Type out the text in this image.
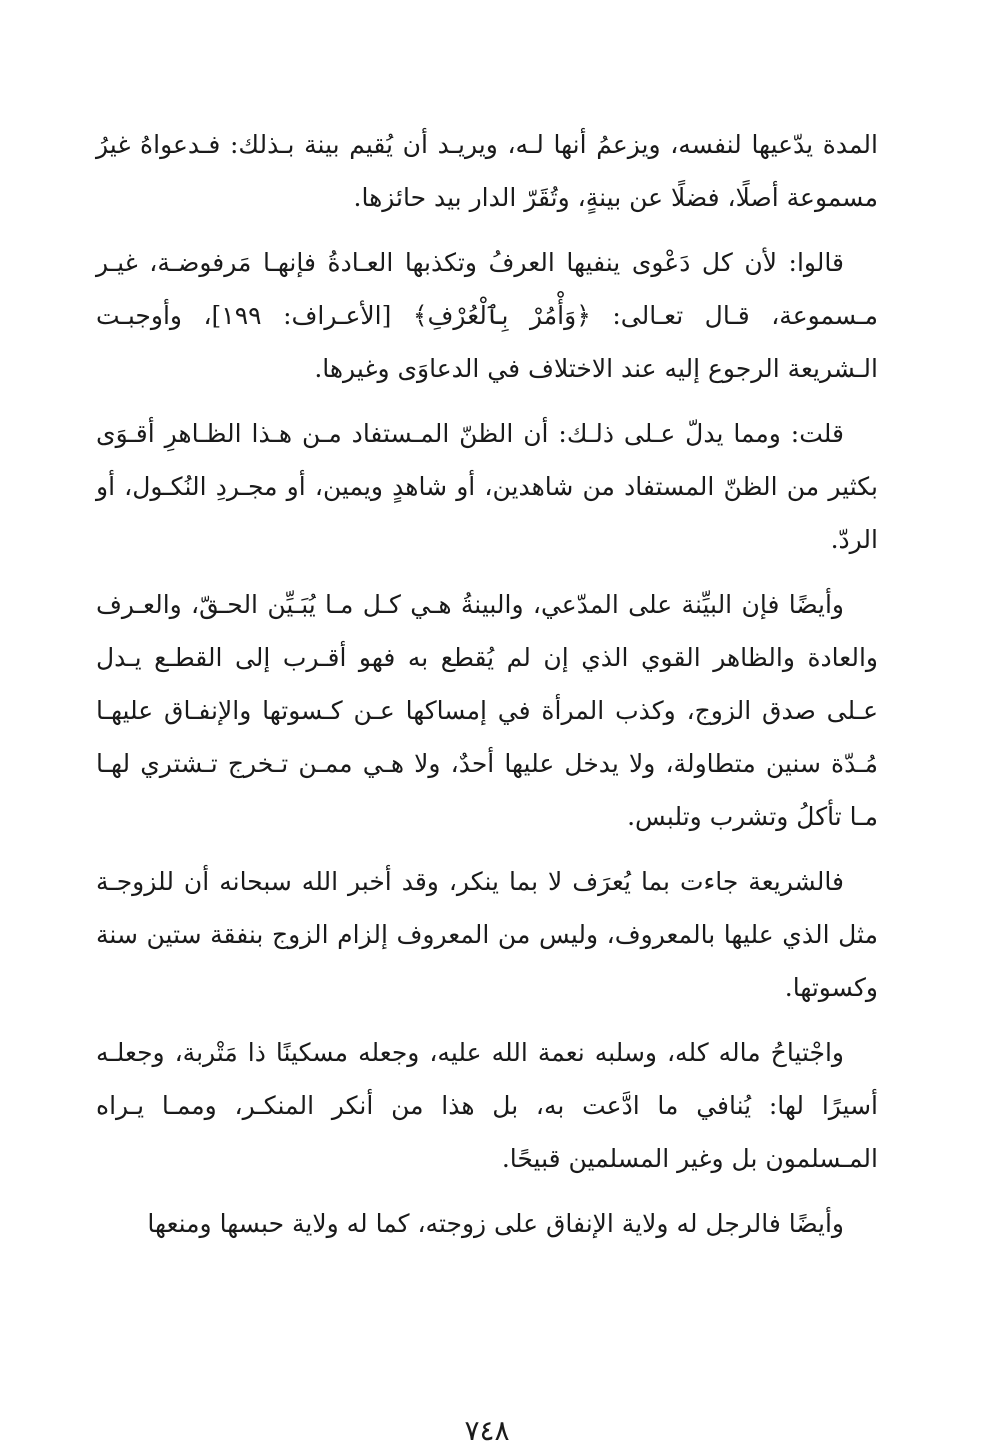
المدة يدّعيها لنفسه، ويزعمُ أنها لـه، ويريـد أن يُقيم بينة بـذلك: فـدعواهُ غيرُ مسموعة أصلًا، فضلًا عن بينةٍ، وتُقَرّ الدار بيد حائزها.

قالوا: لأن كل دَعْوى ينفيها العرفُ وتكذبها العـادةُ فإنهـا مَرفوضـة، غيـر مـسموعة، قـال تعـالى: ﴿وَأْمُرْ بِٱلْعُرْفِ﴾ [الأعـراف: ١٩٩]، وأوجبـت الـشريعة الرجوع إليه عند الاختلاف في الدعاوَى وغيرها.

قلت: ومما يدلّ عـلى ذلـك: أن الظنّ المـستفاد مـن هـذا الظـاهرِ أقـوَى بكثير من الظنّ المستفاد من شاهدين، أو شاهدٍ ويمين، أو مجـردِ النُكـول، أو الردّ.

وأيضًا فإن البيِّنة على المدّعي، والبينةُ هـي كـل مـا يُبَـيِّن الحـقّ، والعـرف والعادة والظاهر القوي الذي إن لم يُقطع به فهو أقـرب إلى القطـع يـدل عـلى صدق الزوج، وكذب المرأة في إمساكها عـن كـسوتها والإنفـاق عليهـا مُـدّة سنين متطاولة، ولا يدخل عليها أحدٌ، ولا هـي ممـن تـخرج تـشتري لهـا مـا تأكلُ وتشرب وتلبس.

فالشريعة جاءت بما يُعرَف لا بما ينكر، وقد أخبر الله سبحانه أن للزوجـة مثل الذي عليها بالمعروف، وليس من المعروف إلزام الزوج بنفقة ستين سنة وكسوتها.

واجْتياحُ ماله كله، وسلبه نعمة الله عليه، وجعله مسكينًا ذا مَتْربة، وجعلـه أسيرًا لها: يُنافي ما ادَّعت به، بل هذا من أنكر المنكـر، وممـا يـراه المـسلمون بل وغير المسلمين قبيحًا.

وأيضًا فالرجل له ولاية الإنفاق على زوجته، كما له ولاية حبسها ومنعها

٧٤٨
